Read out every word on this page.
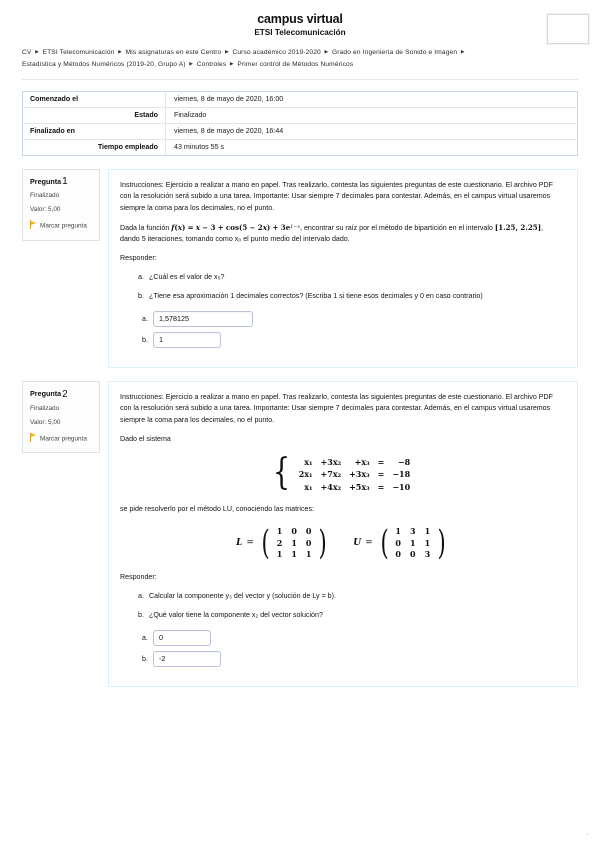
campus virtual
ETSI Telecomunicación
CV ► ETSI Telecomunicación ► Mis asignaturas en este Centro ► Curso académico 2019-2020 ► Grado en Ingeniería de Sonido e Imagen ►Estadística y Métodos Numéricos (2019-20, Grupo A) ► Controles ► Primer control de Métodos Numéricos
Comenzado el	viernes, 8 de mayo de 2020, 16:00
Estado	Finalizado
Finalizado en	viernes, 8 de mayo de 2020, 16:44
Tiempo empleado	43 minutos 55 s
Pregunta1
Finalizado
Valor: 5,00
Marcar pregunta

Instrucciones: Ejercicio a realizar a mano en papel. Tras realizarlo, contesta las siguientes preguntas de este cuestionario. El archivo PDF con la resolución será subido a una tarea. Importante: Usar siempre 7 decimales para contestar. Además, en el campus virtual usaremos siempre la coma para los decimales, no el punto.

Dada la función $f(x) = x - 3 + \cos(5 - 2x) + 3e^{1-x}$, encontrar su raíz por el método de bipartición en el intervalo [1.25, 2.25], dando 5 iteraciones, tomando como x₀ el punto medio del intervalo dado.

Responder:

a. ¿Cuál es el valor de x₅?
b. ¿Tiene esa aproximación 1 decimales correctos? (Escriba 1 si tiene esos decimales y 0 en caso contrario)
a.	1,578125
b.	1
Pregunta2
Finalizado
Valor: 5,00
Marcar pregunta

Instrucciones: Ejercicio a realizar a mano en papel. Tras realizarlo, contesta las siguientes preguntas de este cuestionario. El archivo PDF con la resolución será subido a una tarea. Importante: Usar siempre 7 decimales para contestar. Además, en el campus virtual usaremos siempre la coma para los decimales, no el punto.

Dado el sistema

{ x₁	+3x₂	+x₃	=	−8
2x₁	+7x₂	+3x₃	=	−18
x₁	+4x₂	+5x₃	=	−10

se pide resolverlo por el método LU, conociendo las matrices:

L = ( 1	0	0
2	1	0
1	1	1 )	U = ( 1	3	1
0	1	1
0	0	3 )

Responder:

a. Calcular la componente y₃ del vector y (solución de Ly = b).
b. ¿Qué valor tiene la componente x₂ del vector solución?
a.	0
b.	-2
.
